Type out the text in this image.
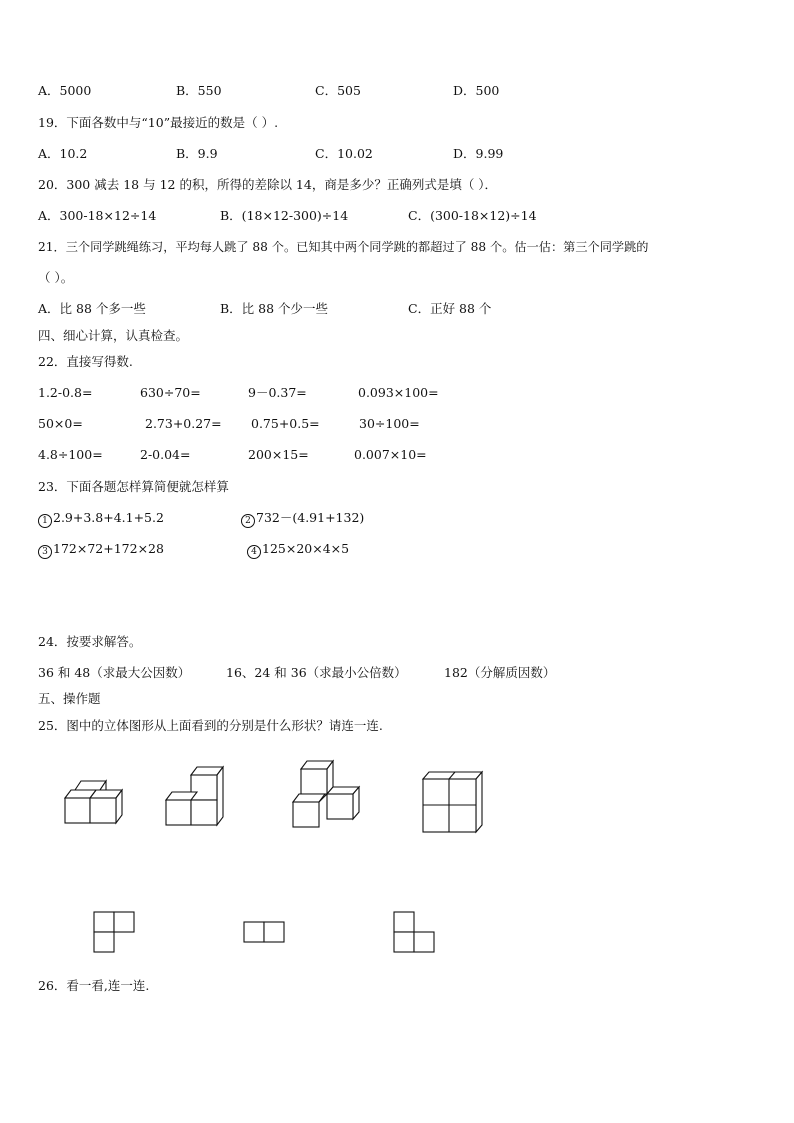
A．5000	B．550	C．505	D．500
19．下面各数中与“10”最接近的数是（ ）.
A．10.2	B．9.9	C．10.02	D．9.99
20．300 减去 18 与 12 的积，所得的差除以 14，商是多少？正确列式是填（ ）．
A．300-18×12÷14	B．(18×12-300)÷14	C．(300-18×12)÷14
21．三个同学跳绳练习，平均每人跳了 88 个。已知其中两个同学跳的都超过了 88 个。估一估：第三个同学跳的
（ ）。
A．比 88 个多一些	B．比 88 个少一些	C．正好 88 个
四、细心计算，认真检查。
22．直接写得数.
1.2-0.8=	630÷70=	9－0.37=	0.093×100=
50×0=	2.73+0.27= 0.75+0.5=	30÷100=
4.8÷100=	2-0.04=	200×15=	0.007×10=
23．下面各题怎样算简便就怎样算
1 2.9+3.8+4.1+5.2	2 732－(4.91+132)
3 172×72+172×28	4 125×20×4×5
24．按要求解答。
36 和 48（求最大公因数）	16、24 和 36（求最小公倍数）	182（分解质因数）
五、操作题
25．图中的立体图形从上面看到的分别是什么形状？请连一连.
26．看一看,连一连.
